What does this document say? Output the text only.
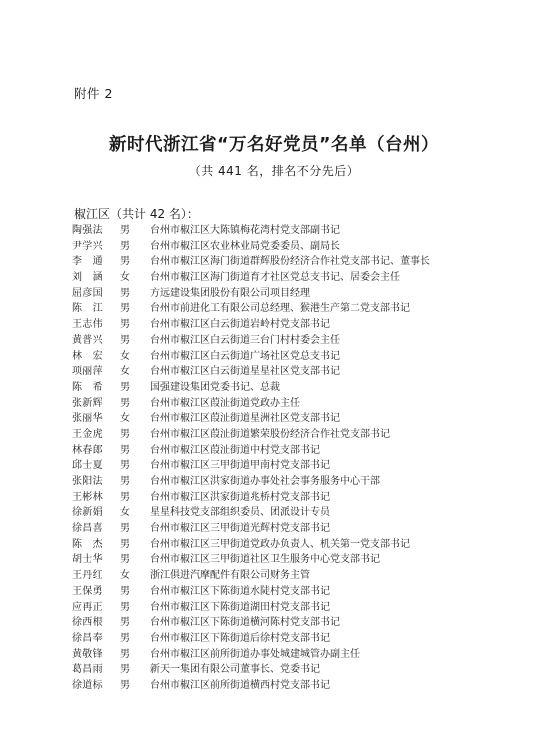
附件 2
新时代浙江省“万名好党员”名单（台州）
（共 441 名，排名不分先后）
椒江区（共计 42 名）：
陶强法	男	台州市椒江区大陈镇梅花湾村党支部副书记
尹学兴	男	台州市椒江区农业林业局党委委员、副局长
李　通	男	台州市椒江区海门街道群辉股份经济合作社党支部书记、董事长
刘　涵	女	台州市椒江区海门街道育才社区党总支书记、居委会主任
屈彦国	男	方远建设集团股份有限公司项目经理
陈　江	男	台州市前进化工有限公司总经理、猴港生产第二党支部书记
王志伟	男	台州市椒江区白云街道岩岭村党支部书记
黄普兴	男	台州市椒江区白云街道三台门村村委会主任
林　宏	女	台州市椒江区白云街道广场社区党总支书记
项丽萍	女	台州市椒江区白云街道星星社区党支部书记
陈　希	男	国强建设集团党委书记、总裁
张新辉	男	台州市椒江区葭沚街道党政办主任
张丽华	女	台州市椒江区葭沚街道星洲社区党支部书记
王金虎	男	台州市椒江区葭沚街道繁荣股份经济合作社党支部书记
林春郎	男	台州市椒江区葭沚街道中村党支部书记
邱士夏	男	台州市椒江区三甲街道甲南村党支部书记
张阳法	男	台州市椒江区洪家街道办事处社会事务服务中心干部
王彬林	男	台州市椒江区洪家街道兆桥村党支部书记
徐新娟	女	星星科技党支部组织委员、团派设计专员
徐昌喜	男	台州市椒江区三甲街道光辉村党支部书记
陈　杰	男	台州市椒江区三甲街道党政办负责人、机关第一党支部书记
胡士华	男	台州市椒江区三甲街道社区卫生服务中心党支部书记
王丹红	女	浙江俱进汽摩配件有限公司财务主管
王保勇	男	台州市椒江区下陈街道水陡村党支部书记
应再正	男	台州市椒江区下陈街道湖田村党支部书记
徐西根	男	台州市椒江区下陈街道横河陈村党支部书记
徐昌奉	男	台州市椒江区下陈街道后徐村党支部书记
黄敬锋	男	台州市椒江区前所街道办事处城建城管办副主任
葛昌雨	男	新天一集团有限公司董事长、党委书记
徐道标	男	台州市椒江区前所街道横西村党支部书记
